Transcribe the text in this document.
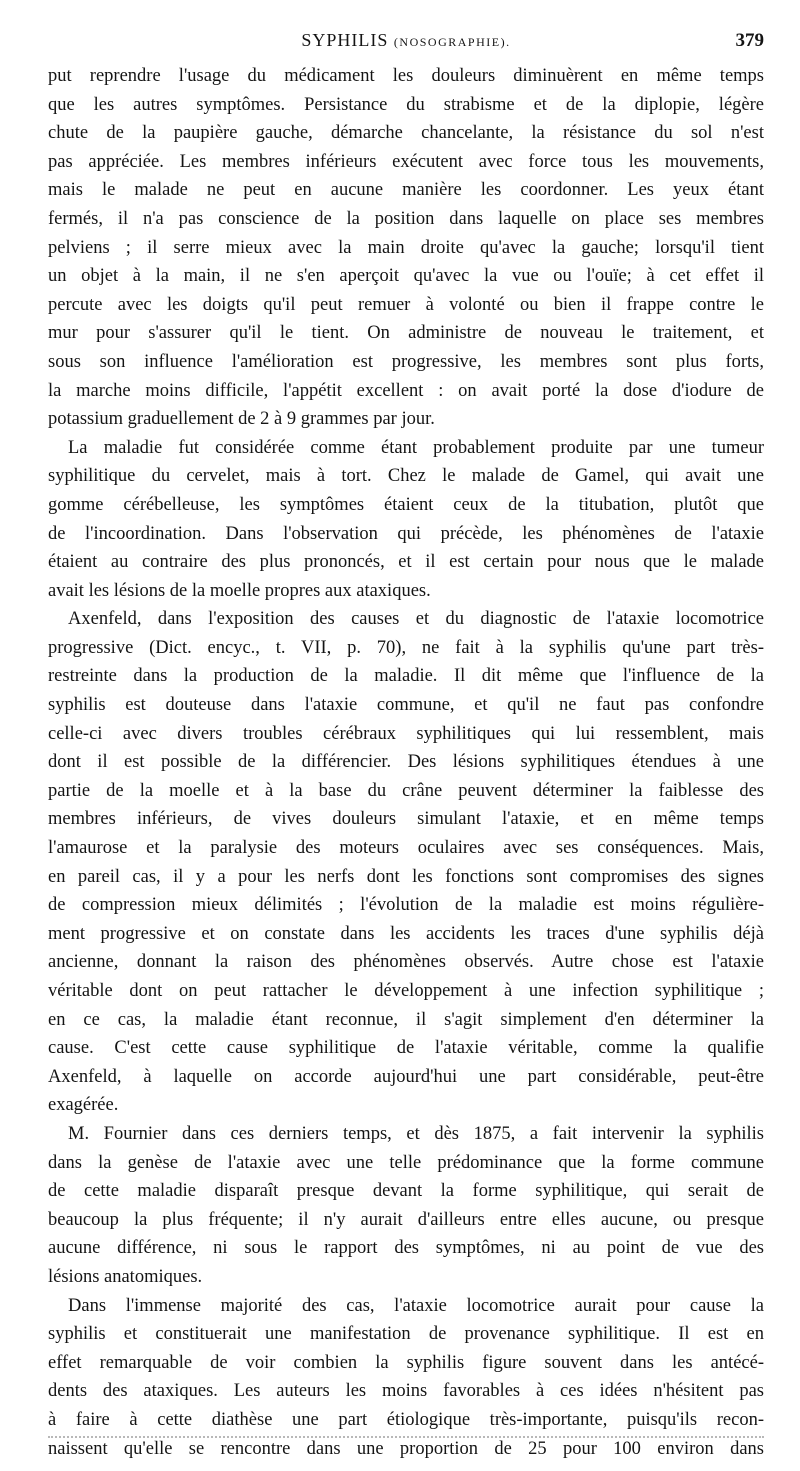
SYPHILIS (NOSOGRAPHIE).	379
put reprendre l'usage du médicament les douleurs diminuèrent en même temps
que les autres symptômes. Persistance du strabisme et de la diplopie, légère
chute de la paupière gauche, démarche chancelante, la résistance du sol n'est
pas appréciée. Les membres inférieurs exécutent avec force tous les mouvements,
mais le malade ne peut en aucune manière les coordonner. Les yeux étant
fermés, il n'a pas conscience de la position dans laquelle on place ses membres
pelviens ; il serre mieux avec la main droite qu'avec la gauche; lorsqu'il tient
un objet à la main, il ne s'en aperçoit qu'avec la vue ou l'ouïe; à cet effet il
percute avec les doigts qu'il peut remuer à volonté ou bien il frappe contre le
mur pour s'assurer qu'il le tient. On administre de nouveau le traitement, et
sous son influence l'amélioration est progressive, les membres sont plus forts,
la marche moins difficile, l'appétit excellent : on avait porté la dose d'iodure de
potassium graduellement de 2 à 9 grammes par jour.
La maladie fut considérée comme étant probablement produite par une tumeur
syphilitique du cervelet, mais à tort. Chez le malade de Gamel, qui avait une
gomme cérébelleuse, les symptômes étaient ceux de la titubation, plutôt que
de l'incoordination. Dans l'observation qui précède, les phénomènes de l'ataxie
étaient au contraire des plus prononcés, et il est certain pour nous que le malade
avait les lésions de la moelle propres aux ataxiques.
Axenfeld, dans l'exposition des causes et du diagnostic de l'ataxie locomotrice
progressive (Dict. encyc., t. VII, p. 70), ne fait à la syphilis qu'une part très-
restreinte dans la production de la maladie. Il dit même que l'influence de la
syphilis est douteuse dans l'ataxie commune, et qu'il ne faut pas confondre
celle-ci avec divers troubles cérébraux syphilitiques qui lui ressemblent, mais
dont il est possible de la différencier. Des lésions syphilitiques étendues à une
partie de la moelle et à la base du crâne peuvent déterminer la faiblesse des
membres inférieurs, de vives douleurs simulant l'ataxie, et en même temps
l'amaurose et la paralysie des moteurs oculaires avec ses conséquences. Mais,
en pareil cas, il y a pour les nerfs dont les fonctions sont compromises des signes
de compression mieux délimités ; l'évolution de la maladie est moins régulière-
ment progressive et on constate dans les accidents les traces d'une syphilis déjà
ancienne, donnant la raison des phénomènes observés. Autre chose est l'ataxie
véritable dont on peut rattacher le développement à une infection syphilitique ;
en ce cas, la maladie étant reconnue, il s'agit simplement d'en déterminer la
cause. C'est cette cause syphilitique de l'ataxie véritable, comme la qualifie
Axenfeld, à laquelle on accorde aujourd'hui une part considérable, peut-être
exagérée.
M. Fournier dans ces derniers temps, et dès 1875, a fait intervenir la syphilis
dans la genèse de l'ataxie avec une telle prédominance que la forme commune
de cette maladie disparaît presque devant la forme syphilitique, qui serait de
beaucoup la plus fréquente; il n'y aurait d'ailleurs entre elles aucune, ou presque
aucune différence, ni sous le rapport des symptômes, ni au point de vue des
lésions anatomiques.
Dans l'immense majorité des cas, l'ataxie locomotrice aurait pour cause la
syphilis et constituerait une manifestation de provenance syphilitique. Il est en
effet remarquable de voir combien la syphilis figure souvent dans les antécé-
dents des ataxiques. Les auteurs les moins favorables à ces idées n'hésitent pas
à faire à cette diathèse une part étiologique très-importante, puisqu'ils recon-
naissent qu'elle se rencontre dans une proportion de 25 pour 100 environ dans
